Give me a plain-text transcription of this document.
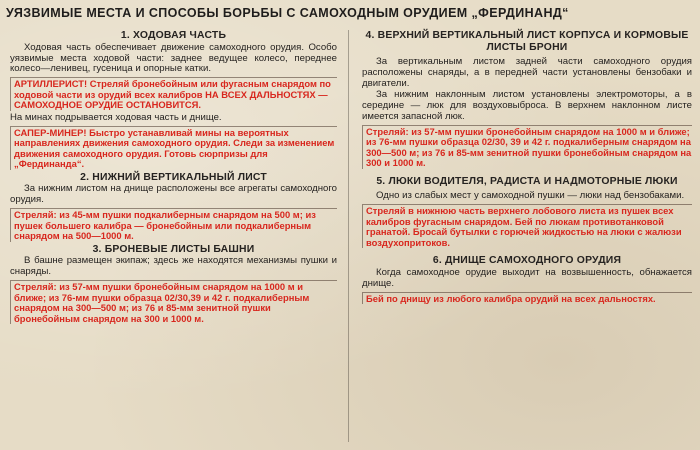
УЯЗВИМЫЕ МЕСТА И СПОСОБЫ БОРЬБЫ С САМОХОДНЫМ ОРУДИЕМ „ФЕРДИНАНД“
1. ХОДОВАЯ ЧАСТЬ

Ходовая часть обеспечивает движение самоходного орудия. Особо уязвимые места ходовой части: заднее ведущее колесо, переднее колесо—ленивец, гусеница и опорные катки.

АРТИЛЛЕРИСТ! Стреляй бронебойным или фугасным снарядом по ходовой части из орудий всех калибров НА ВСЕХ ДАЛЬНОСТЯХ — САМОХОДНОЕ ОРУДИЕ ОСТАНОВИТСЯ.

На минах подрывается ходовая часть и днище.

САПЕР-МИНЕР! Быстро устанавливай мины на вероятных направлениях движения самоходного орудия. Следи за изменением движения самоходного орудия. Готовь сюрпризы для „Фердинанда“.
2. НИЖНИЙ ВЕРТИКАЛЬНЫЙ ЛИСТ

За нижним листом на днище расположены все агрегаты самоходного орудия.

Стреляй: из 45-мм пушки подкалиберным снарядом на 500 м; из пушек большего калибра — бронебойным или подкалиберным снарядом на 500—1000 м.
3. БРОНЕВЫЕ ЛИСТЫ БАШНИ

В башне размещен экипаж; здесь же находятся механизмы пушки и снаряды.

Стреляй: из 57-мм пушки бронебойным снарядом на 1000 м и ближе; из 76-мм пушки образца 02/30,39 и 42 г. подкалиберным снарядом на 300—500 м; из 76 и 85-мм зенитной пушки бронебойным снарядом на 300 и 1000 м.
4. ВЕРХНИЙ ВЕРТИКАЛЬНЫЙ ЛИСТ КОРПУСА И КОРМОВЫЕ ЛИСТЫ БРОНИ

За вертикальным листом задней части самоходного орудия расположены снаряды, а в передней части установлены бензобаки и двигатели.

За нижним наклонным листом установлены электромоторы, а в середине — люк для воздуховыброса. В верхнем наклонном листе имеется запасной люк.

Стреляй: из 57-мм пушки бронебойным снарядом на 1000 м и ближе; из 76-мм пушки образца 02/30, 39 и 42 г. подкалиберным снарядом на 300—500 м; из 76 и 85-мм зенитной пушки бронебойным снарядом на 300 и 1000 м.
5. ЛЮКИ ВОДИТЕЛЯ, РАДИСТА И НАДМОТОРНЫЕ ЛЮКИ

Одно из слабых мест у самоходной пушки — люки над бензобаками.

Стреляй в нижнюю часть верхнего лобового листа из пушек всех калибров фугасным снарядом. Бей по люкам противотанковой гранатой. Бросай бутылки с горючей жидкостью на люки с жалюзи воздухопритоков.
6. ДНИЩЕ САМОХОДНОГО ОРУДИЯ

Когда самоходное орудие выходит на возвышенность, обнажается днище.

Бей по днищу из любого калибра орудий на всех дальностях.
